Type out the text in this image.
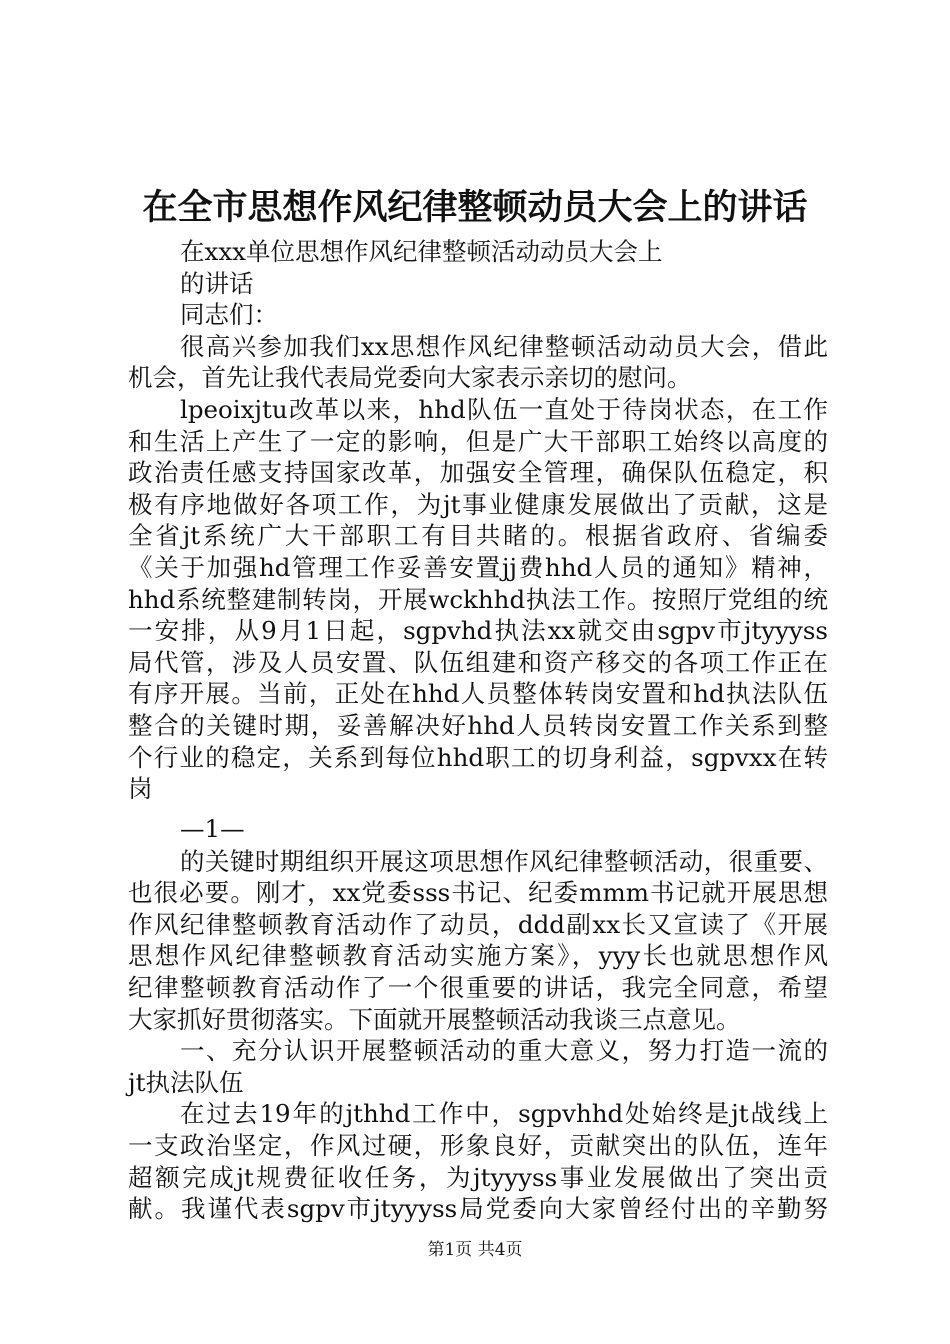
在全市思想作风纪律整顿动员大会上的讲话
在xxx单位思想作风纪律整顿活动动员大会上
的讲话
同志们：
很高兴参加我们xx思想作风纪律整顿活动动员大会，借此
机会，首先让我代表局党委向大家表示亲切的慰问。
lpeoixjtu改革以来，hhd队伍一直处于待岗状态，在工作
和生活上产生了一定的影响，但是广大干部职工始终以高度的
政治责任感支持国家改革，加强安全管理，确保队伍稳定，积
极有序地做好各项工作，为jt事业健康发展做出了贡献，这是
全省jt系统广大干部职工有目共睹的。根据省政府、省编委
《关于加强hd管理工作妥善安置jj费hhd人员的通知》精神，
hhd系统整建制转岗，开展wckhhd执法工作。按照厅党组的统
一安排，从9月1日起，sgpvhd执法xx就交由sgpv市jtyyyss
局代管，涉及人员安置、队伍组建和资产移交的各项工作正在
有序开展。当前，正处在hhd人员整体转岗安置和hd执法队伍
整合的关键时期，妥善解决好hhd人员转岗安置工作关系到整
个行业的稳定，关系到每位hhd职工的切身利益，sgpvxx在转
岗
—1—
的关键时期组织开展这项思想作风纪律整顿活动，很重要、
也很必要。刚才，xx党委sss书记、纪委mmm书记就开展思想
作风纪律整顿教育活动作了动员，ddd副xx长又宣读了《开展
思想作风纪律整顿教育活动实施方案》，yyy长也就思想作风
纪律整顿教育活动作了一个很重要的讲话，我完全同意，希望
大家抓好贯彻落实。下面就开展整顿活动我谈三点意见。
一、充分认识开展整顿活动的重大意义，努力打造一流的
jt执法队伍
在过去19年的jthhd工作中，sgpvhhd处始终是jt战线上
一支政治坚定，作风过硬，形象良好，贡献突出的队伍，连年
超额完成jt规费征收任务，为jtyyyss事业发展做出了突出贡
献。我谨代表sgpv市jtyyyss局党委向大家曾经付出的辛勤努
第1页 共4页
